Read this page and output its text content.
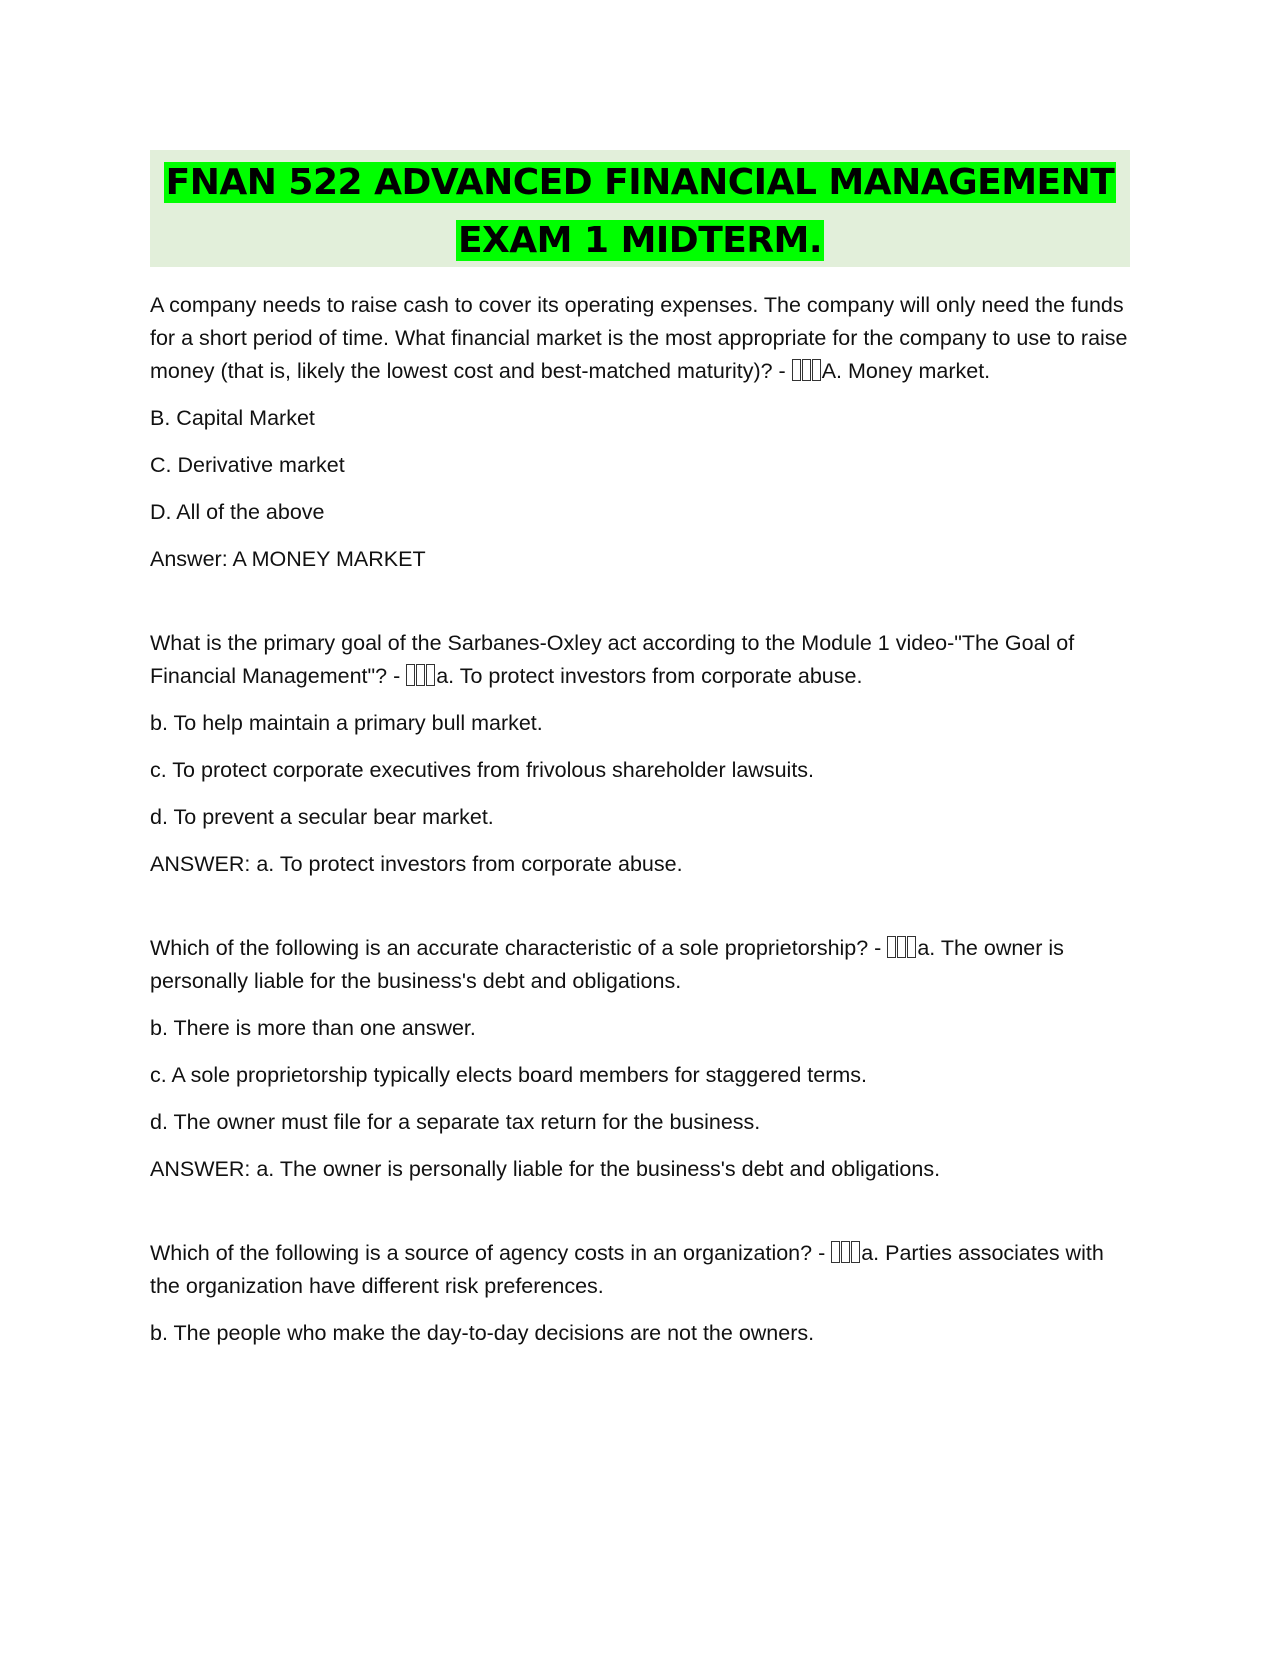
FNAN 522 ADVANCED FINANCIAL MANAGEMENT
EXAM 1 MIDTERM.

A company needs to raise cash to cover its operating expenses. The company will only need the funds for a short period of time. What financial market is the most appropriate for the company to use to raise money (that is, likely the lowest cost and best-matched maturity)? - A. Money market.

B. Capital Market

C. Derivative market

D. All of the above

Answer: A MONEY MARKET

What is the primary goal of the Sarbanes-Oxley act according to the Module 1 video-"The Goal of Financial Management"? - a. To protect investors from corporate abuse.

b. To help maintain a primary bull market.

c. To protect corporate executives from frivolous shareholder lawsuits.

d. To prevent a secular bear market.

ANSWER: a. To protect investors from corporate abuse.

Which of the following is an accurate characteristic of a sole proprietorship? - a. The owner is personally liable for the business's debt and obligations.

b. There is more than one answer.

c. A sole proprietorship typically elects board members for staggered terms.

d. The owner must file for a separate tax return for the business.

ANSWER: a. The owner is personally liable for the business's debt and obligations.

Which of the following is a source of agency costs in an organization? - a. Parties associates with the organization have different risk preferences.

b. The people who make the day-to-day decisions are not the owners.
